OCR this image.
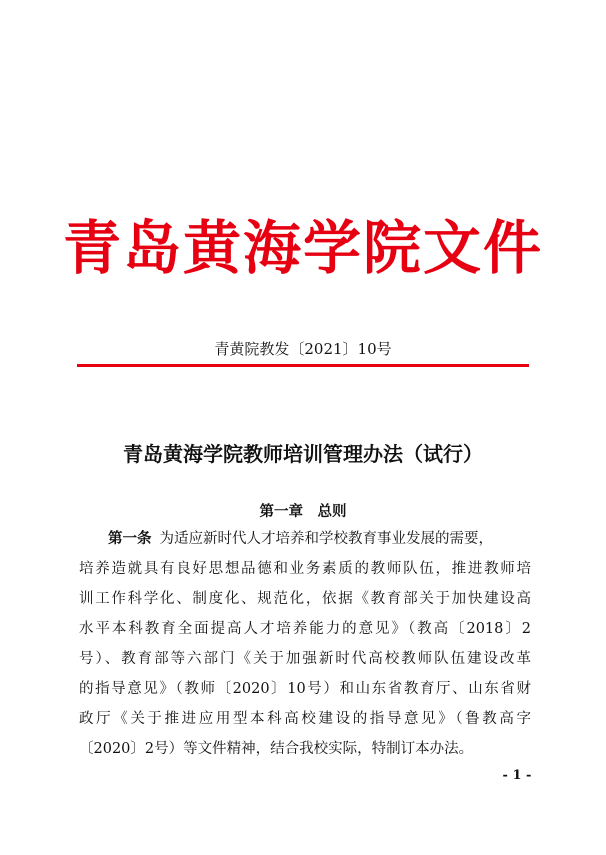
青岛黄海学院文件
青黄院教发〔2021〕10号
青岛黄海学院教师培训管理办法（试行）
第一章　总则
第一条 为适应新时代人才培养和学校教育事业发展的需要，
培养造就具有良好思想品德和业务素质的教师队伍，推进教师培
训工作科学化、制度化、规范化，依据《教育部关于加快建设高
水平本科教育全面提高人才培养能力的意见》（教高〔2018〕2
号）、教育部等六部门《关于加强新时代高校教师队伍建设改革
的指导意见》（教师〔2020〕10号）和山东省教育厅、山东省财
政厅《关于推进应用型本科高校建设的指导意见》（鲁教高字
〔2020〕2号）等文件精神，结合我校实际，特制订本办法。
- 1 -
